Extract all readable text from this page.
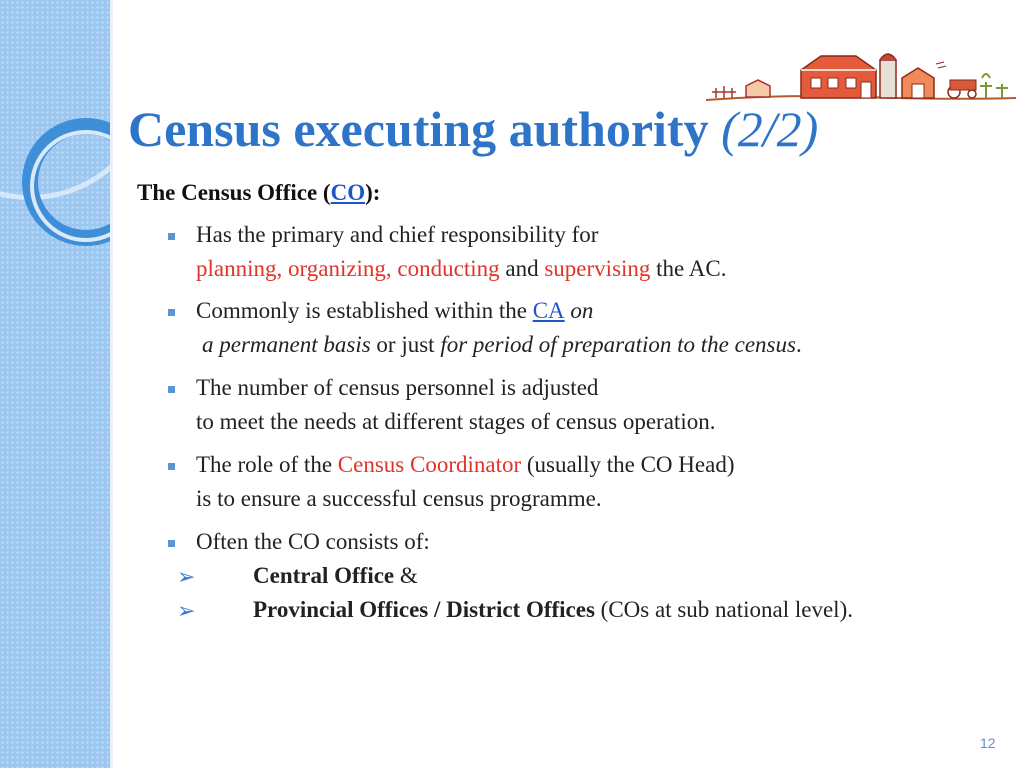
Census executing authority (2/2)
The Census Office (CO):
Has the primary and chief responsibility for
planning, organizing, conducting and supervising the AC.
Commonly is established within the CA on
a permanent basis or just for period of preparation to the census.
The number of census personnel is adjusted
to meet the needs at different stages of census operation.
The role of the Census Coordinator (usually the CO Head)
is to ensure a successful census programme.
Often the CO consists of:
➢	Central Office &
➢	Provincial Offices / District Offices (COs at sub national level).
12
